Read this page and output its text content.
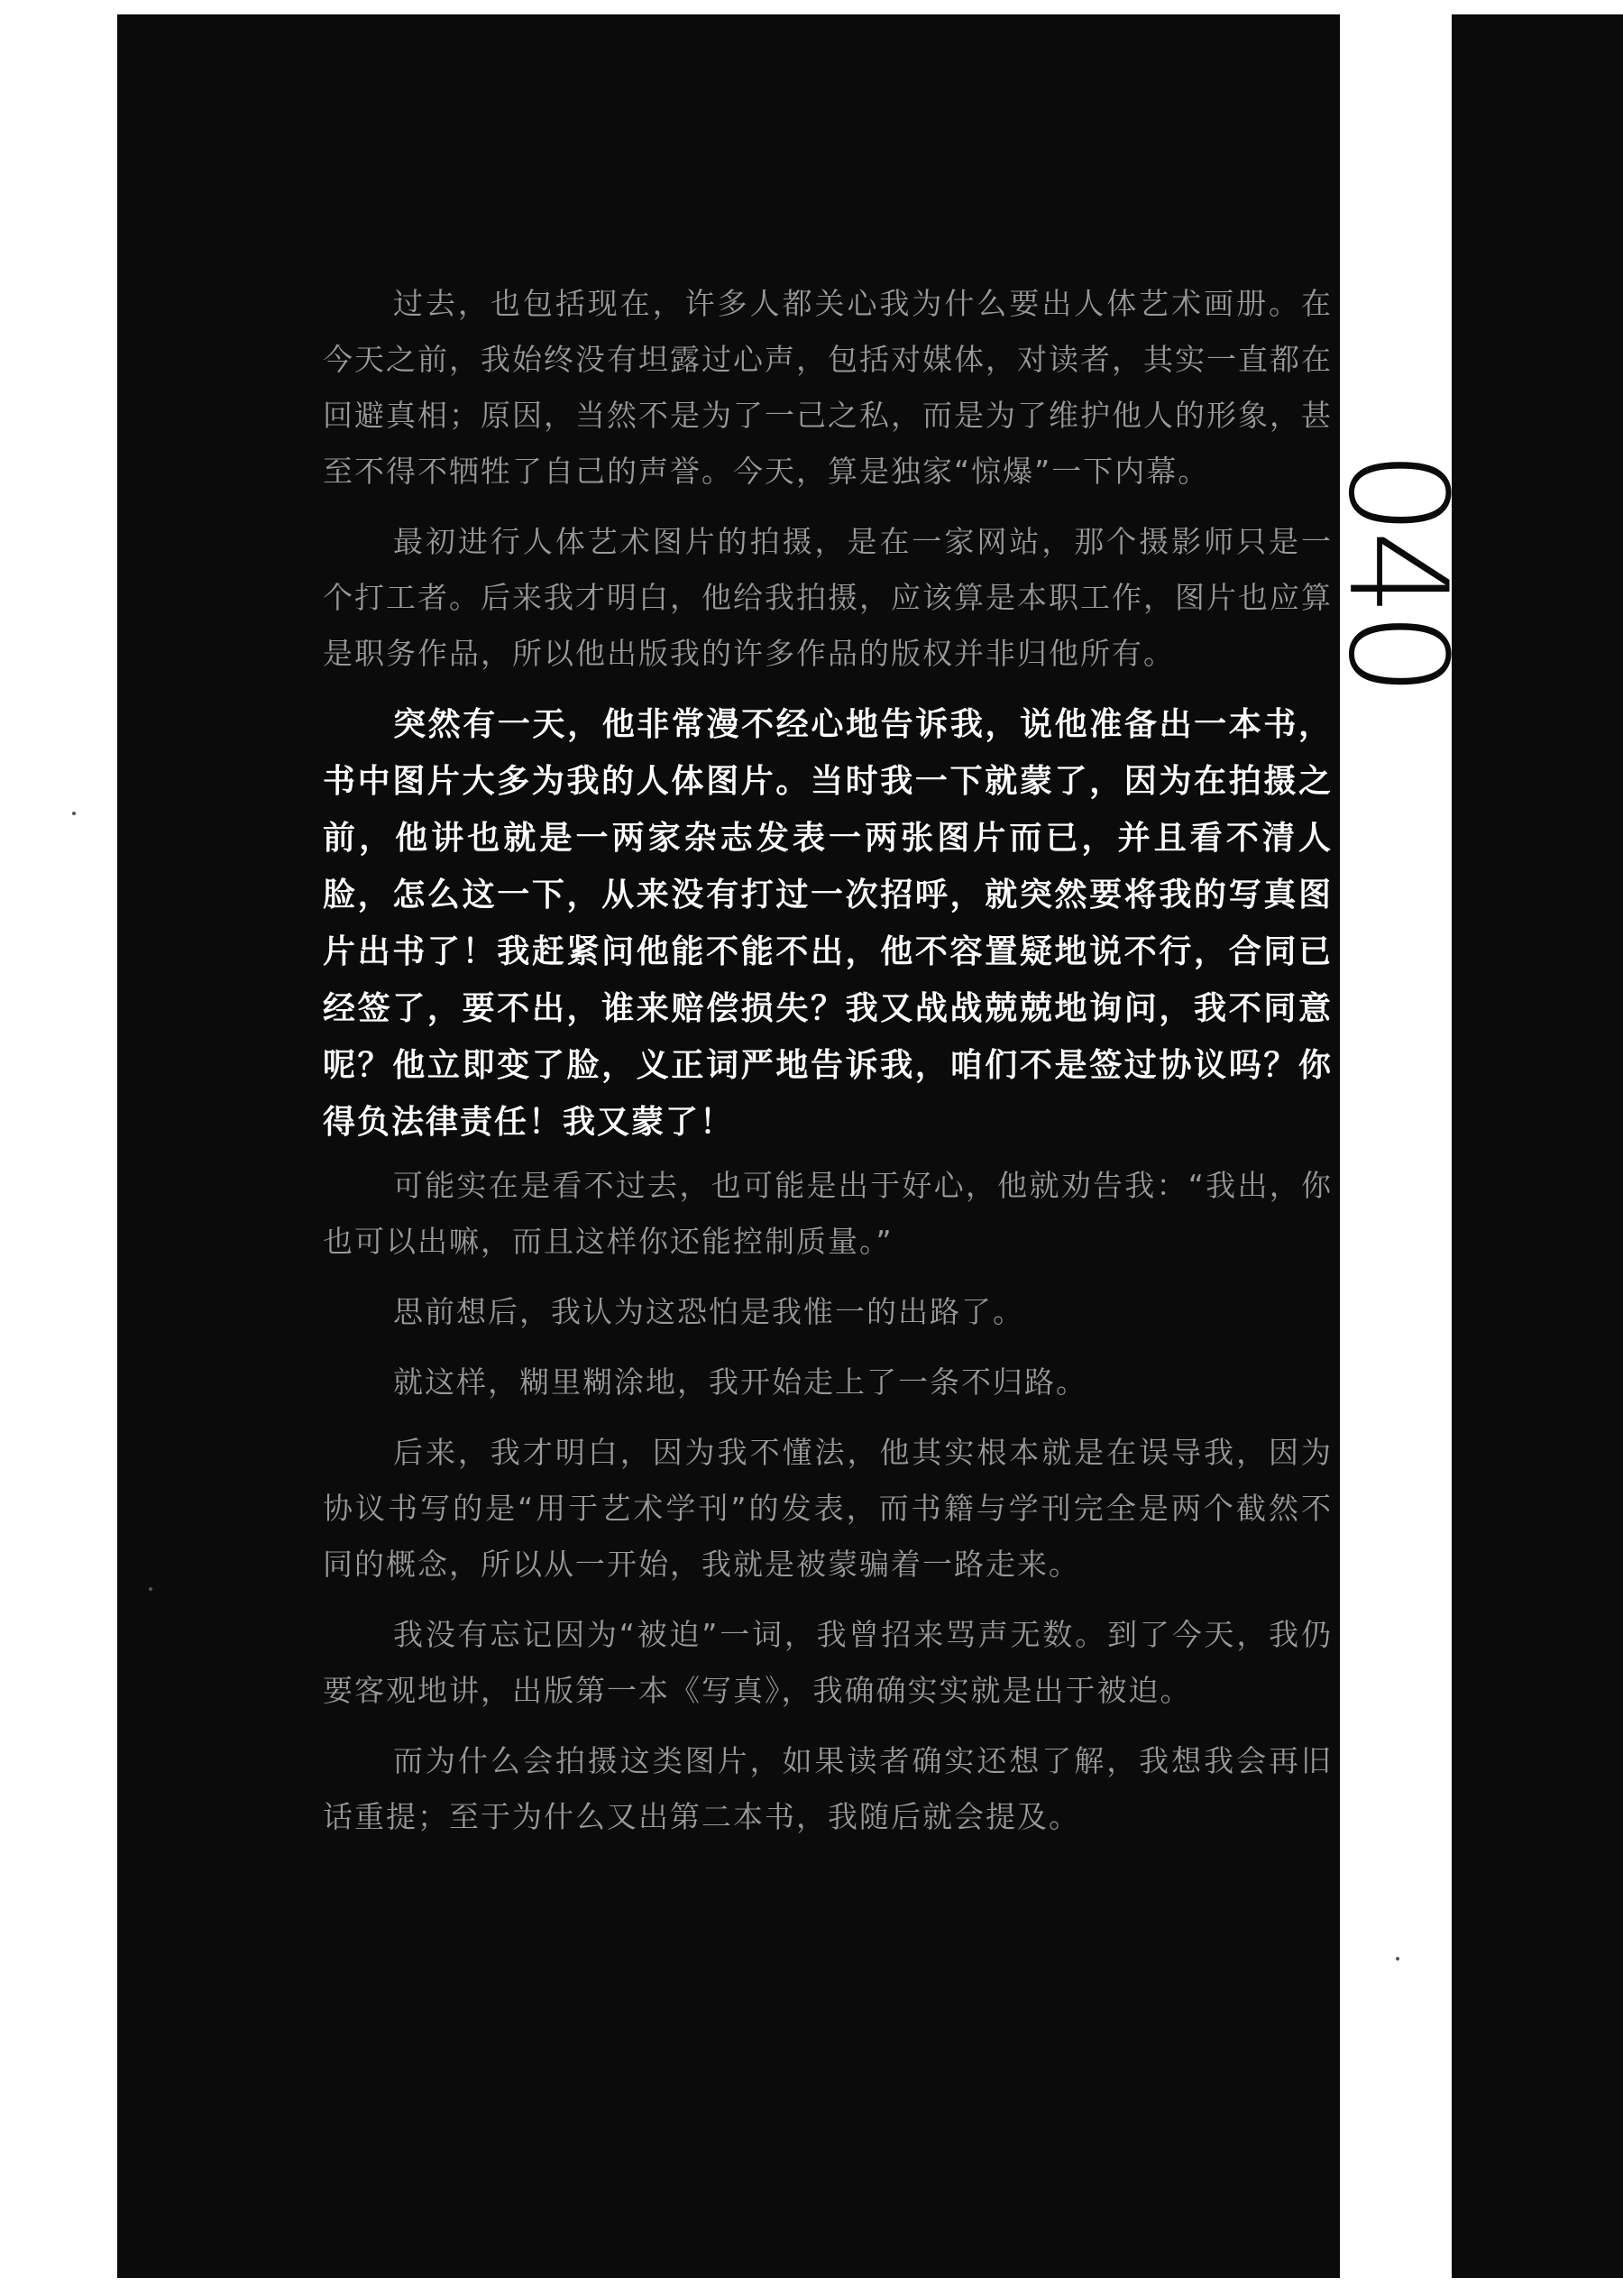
040

过去，也包括现在，许多人都关心我为什么要出人体艺术画册。在今天之前，我始终没有坦露过心声，包括对媒体，对读者，其实一直都在回避真相；原因，当然不是为了一己之私，而是为了维护他人的形象，甚至不得不牺牲了自己的声誉。今天，算是独家“惊爆”一下内幕。

最初进行人体艺术图片的拍摄，是在一家网站，那个摄影师只是一个打工者。后来我才明白，他给我拍摄，应该算是本职工作，图片也应算是职务作品，所以他出版我的许多作品的版权并非归他所有。

突然有一天，他非常漫不经心地告诉我，说他准备出一本书，书中图片大多为我的人体图片。当时我一下就蒙了，因为在拍摄之前，他讲也就是一两家杂志发表一两张图片而已，并且看不清人脸，怎么这一下，从来没有打过一次招呼，就突然要将我的写真图片出书了！我赶紧问他能不能不出，他不容置疑地说不行，合同已经签了，要不出，谁来赔偿损失？我又战战兢兢地询问，我不同意呢？他立即变了脸，义正词严地告诉我，咱们不是签过协议吗？你得负法律责任！我又蒙了！

可能实在是看不过去，也可能是出于好心，他就劝告我：“我出，你也可以出嘛，而且这样你还能控制质量。”

思前想后，我认为这恐怕是我惟一的出路了。

就这样，糊里糊涂地，我开始走上了一条不归路。

后来，我才明白，因为我不懂法，他其实根本就是在误导我，因为协议书写的是“用于艺术学刊”的发表，而书籍与学刊完全是两个截然不同的概念，所以从一开始，我就是被蒙骗着一路走来。

我没有忘记因为“被迫”一词，我曾招来骂声无数。到了今天，我仍要客观地讲，出版第一本《写真》，我确确实实就是出于被迫。

而为什么会拍摄这类图片，如果读者确实还想了解，我想我会再旧话重提；至于为什么又出第二本书，我随后就会提及。
